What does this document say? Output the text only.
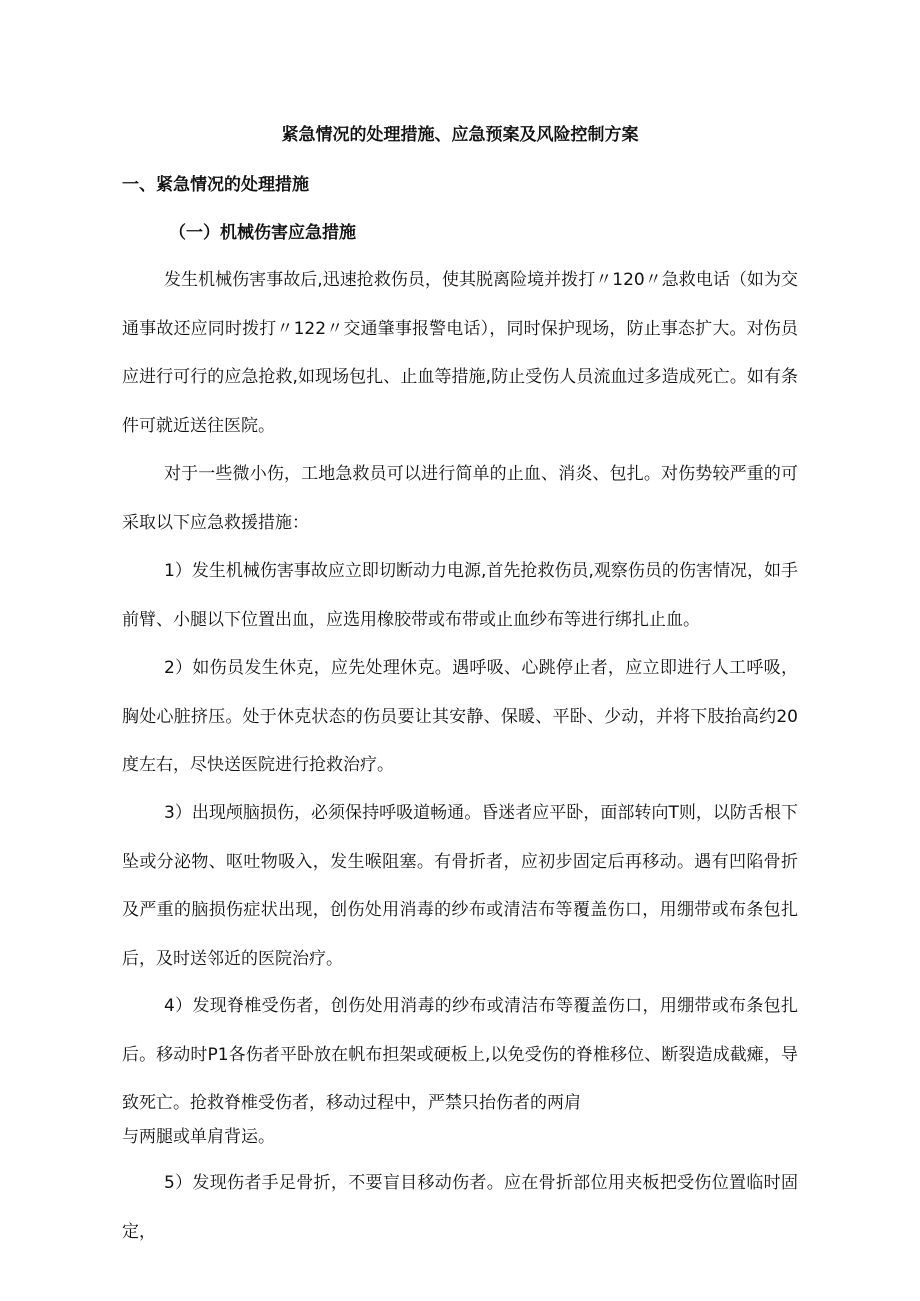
紧急情况的处理措施、应急预案及风险控制方案
一、紧急情况的处理措施
（一）机械伤害应急措施

发生机械伤害事故后,迅速抢救伤员，使其脱离险境并拨打〃120〃急救电话（如为交通事故还应同时拨打〃122〃交通肇事报警电话），同时保护现场，防止事态扩大。对伤员应进行可行的应急抢救,如现场包扎、止血等措施,防止受伤人员流血过多造成死亡。如有条件可就近送往医院。

对于一些微小伤，工地急救员可以进行简单的止血、消炎、包扎。对伤势较严重的可采取以下应急救援措施：

1）发生机械伤害事故应立即切断动力电源,首先抢救伤员,观察伤员的伤害情况，如手前臂、小腿以下位置出血，应选用橡胶带或布带或止血纱布等进行绑扎止血。

2）如伤员发生休克，应先处理休克。遇呼吸、心跳停止者，应立即进行人工呼吸，胸处心脏挤压。处于休克状态的伤员要让其安静、保暖、平卧、少动，并将下肢抬高约20度左右，尽快送医院进行抢救治疗。

3）出现颅脑损伤，必须保持呼吸道畅通。昏迷者应平卧，面部转向T则，以防舌根下坠或分泌物、呕吐物吸入，发生喉阻塞。有骨折者，应初步固定后再移动。遇有凹陷骨折及严重的脑损伤症状出现，创伤处用消毒的纱布或清洁布等覆盖伤口，用绷带或布条包扎后，及时送邻近的医院治疗。

4）发现脊椎受伤者，创伤处用消毒的纱布或清洁布等覆盖伤口，用绷带或布条包扎后。移动时P1各伤者平卧放在帆布担架或硬板上,以免受伤的脊椎移位、断裂造成截瘫，导致死亡。抢救脊椎受伤者，移动过程中，严禁只抬伤者的两肩

与两腿或单肩背运。

5）发现伤者手足骨折，不要盲目移动伤者。应在骨折部位用夹板把受伤位置临时固定，
